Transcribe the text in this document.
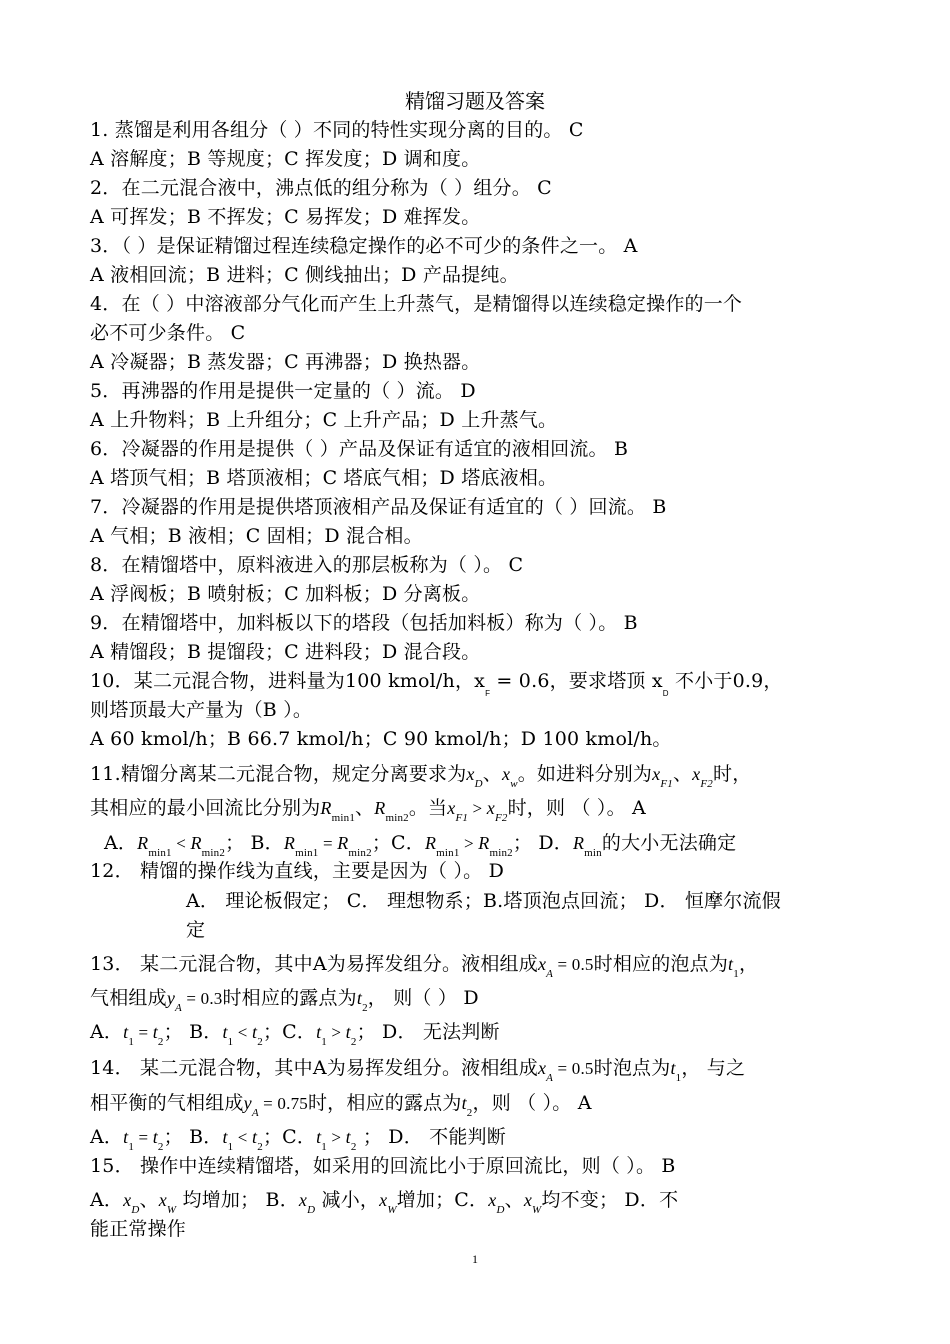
精馏习题及答案
1. 蒸馏是利用各组分（ ）不同的特性实现分离的目的。 C
A 溶解度；B 等规度；C 挥发度；D 调和度。
2．在二元混合液中，沸点低的组分称为（ ）组分。 C
A 可挥发；B 不挥发；C 易挥发；D 难挥发。
3．（ ）是保证精馏过程连续稳定操作的必不可少的条件之一。 A
A 液相回流；B 进料；C 侧线抽出；D 产品提纯。
4．在（ ）中溶液部分气化而产生上升蒸气，是精馏得以连续稳定操作的一个
必不可少条件。 C
A 冷凝器；B 蒸发器；C 再沸器；D 换热器。
5．再沸器的作用是提供一定量的（ ）流。 D
A 上升物料；B 上升组分；C 上升产品；D 上升蒸气。
6．冷凝器的作用是提供（ ）产品及保证有适宜的液相回流。 B
A 塔顶气相；B 塔顶液相；C 塔底气相；D 塔底液相。
7．冷凝器的作用是提供塔顶液相产品及保证有适宜的（ ）回流。 B
A 气相；B 液相；C 固相；D 混合相。
8．在精馏塔中，原料液进入的那层板称为（ ）。 C
A 浮阀板；B 喷射板；C 加料板；D 分离板。
9．在精馏塔中，加料板以下的塔段（包括加料板）称为（ ）。 B
A 精馏段；B 提馏段；C 进料段；D 混合段。
10．某二元混合物，进料量为100 kmol/h，$x_F = 0.6$，要求塔顶 $x_D$ 不小于0.9，
则塔顶最大产量为（B ）。
A 60 kmol/h；B 66.7 kmol/h；C 90 kmol/h；D 100 kmol/h。
11.精馏分离某二元混合物，规定分离要求为$x_D$、$x_w$。如进料分别为$x_{F1}$、$x_{F2}$时，
其相应的最小回流比分别为$R_{min1}$、$R_{min2}$。当$x_{F1} > x_{F2}$时，则 （ ）。 A
A．$R_{min1} < R_{min2}$； B．$R_{min1} = R_{min2}$；C．$R_{min1} > R_{min2}$； D．$R_{min}$的大小无法确定
12． 精馏的操作线为直线，主要是因为（ ）。 D
A． 理论板假定； C． 理想物系；B.塔顶泡点回流； D． 恒摩尔流假
定
13． 某二元混合物，其中A为易挥发组分。液相组成$x_A = 0.5$时相应的泡点为$t_1$，
气相组成$y_A = 0.3$时相应的露点为$t_2$， 则（ ） D
A．$t_1 = t_2$； B．$t_1 < t_2$；C．$t_1 > t_2$； D． 无法判断
14． 某二元混合物，其中A为易挥发组分。液相组成$x_A = 0.5$时泡点为$t_1$， 与之
相平衡的气相组成$y_A = 0.75$时，相应的露点为$t_2$，则 （ ）。 A
A．$t_1 = t_2$； B．$t_1 < t_2$；C．$t_1 > t_2$ ； D． 不能判断
15． 操作中连续精馏塔，如采用的回流比小于原回流比，则（ ）。 B
A．$x_D$、$x_W$ 均增加； B．$x_D$ 减小，$x_W$增加；C．$x_D$、$x_W$均不变； D．不
能正常操作
1
